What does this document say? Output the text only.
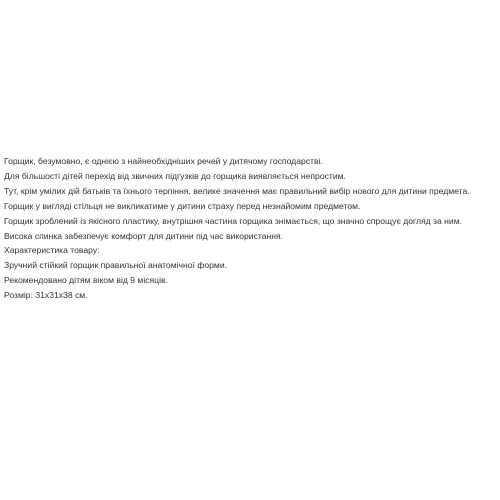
Горщик, безумовно, є однією з найнеобхідніших речей у дитячому господарстві.

Для більшості дітей перехід від звичних підгузків до горщика виявляється непростим.

Тут, крім умілих дій батьків та їхнього терпіння, велике значення має правильний вибір нового для дитини предмета.

Горщик у вигляді стільця не викликатиме у дитини страху перед незнайомим предметом.

Горщик зроблений із якісного пластику, внутрішня частина горщика знімається, що значно спрощує догляд за ним.

Висока спинка забезпечує комфорт для дитини під час використання.

Характеристика товару:

Зручний стійкий горщик правильної анатомічної форми.

Рекомендовано дітям віком від 9 місяців.

Розмір: 31х31х38 см.
